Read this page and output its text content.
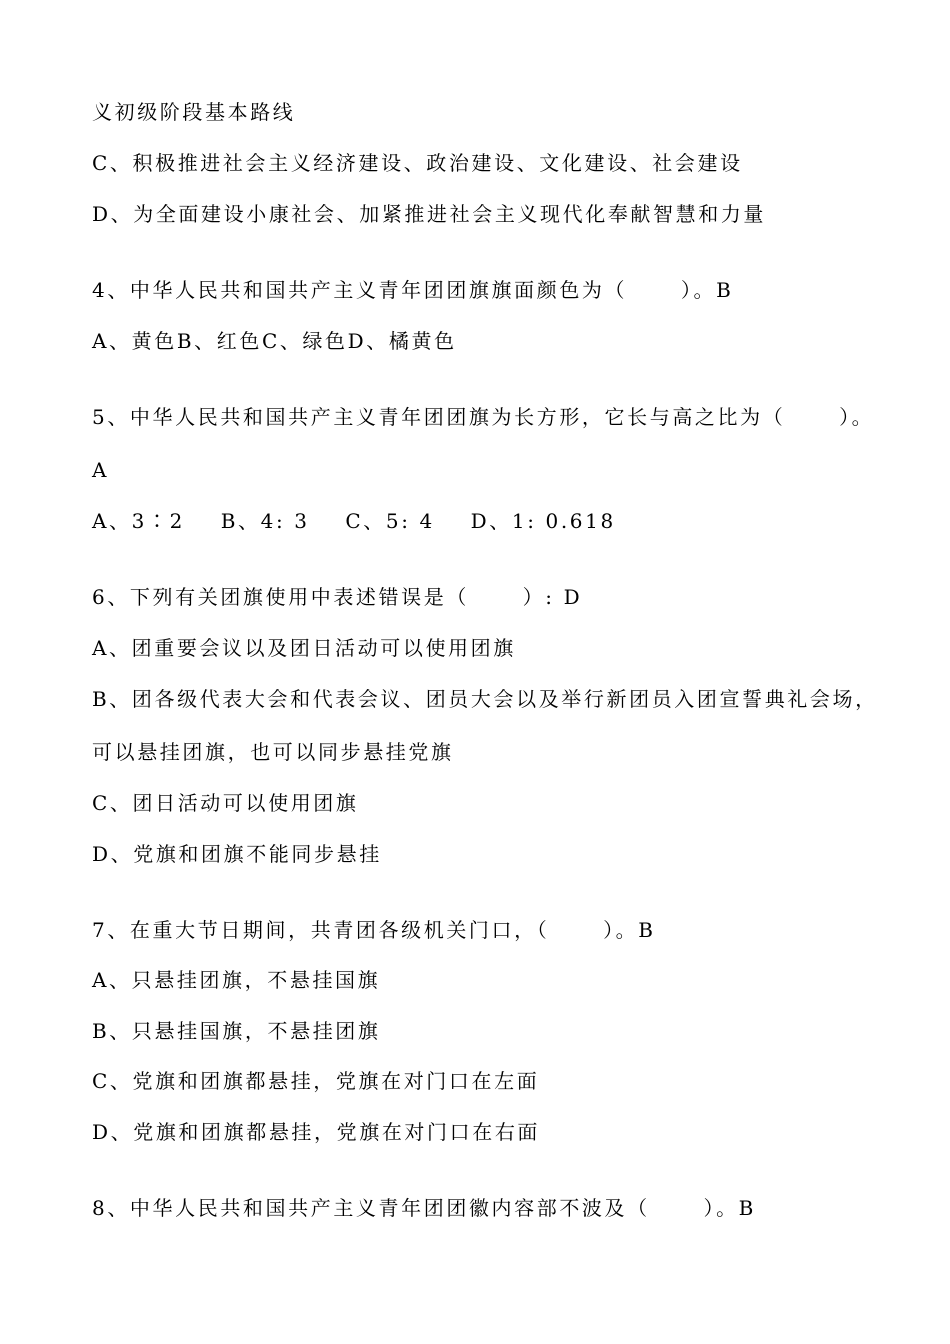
义初级阶段基本路线
C、积极推进社会主义经济建设、政治建设、文化建设、社会建设
D、为全面建设小康社会、加紧推进社会主义现代化奉献智慧和力量
4、中华人民共和国共产主义青年团团旗旗面颜色为（      ）。B
A、黄色B、红色C、绿色D、橘黄色
5、中华人民共和国共产主义青年团团旗为长方形，它长与高之比为（      ）。
A
A、3∶2    B、4: 3    C、5: 4    D、1: 0.618
6、下列有关团旗使用中表述错误是（      ）: D
A、团重要会议以及团日活动可以使用团旗
B、团各级代表大会和代表会议、团员大会以及举行新团员入团宣誓典礼会场，
可以悬挂团旗，也可以同步悬挂党旗
C、团日活动可以使用团旗
D、党旗和团旗不能同步悬挂
7、在重大节日期间，共青团各级机关门口，（      ）。B
A、只悬挂团旗，不悬挂国旗
B、只悬挂国旗，不悬挂团旗
C、党旗和团旗都悬挂，党旗在对门口在左面
D、党旗和团旗都悬挂，党旗在对门口在右面
8、中华人民共和国共产主义青年团团徽内容部不波及（      ）。B
